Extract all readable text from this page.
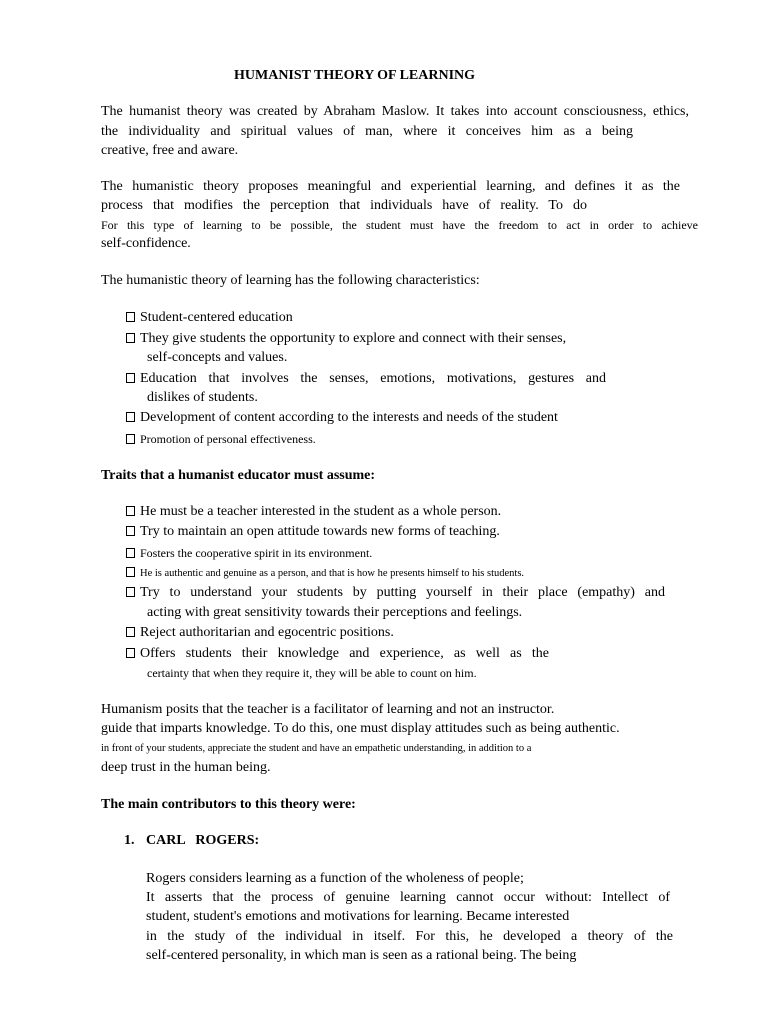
HUMANIST THEORY OF LEARNING
The humanist theory was created by Abraham Maslow. It takes into account consciousness, ethics,
the individuality and spiritual values of man, where it conceives him as a being
creative, free and aware.
The humanistic theory proposes meaningful and experiential learning, and defines it as the
process that modifies the perception that individuals have of reality. To do
For this type of learning to be possible, the student must have the freedom to act in order to achieve
self-confidence.
The humanistic theory of learning has the following characteristics:
Student-centered education
They give students the opportunity to explore and connect with their senses,
self-concepts and values.
Education that involves the senses, emotions, motivations, gestures and
dislikes of students.
Development of content according to the interests and needs of the student
Promotion of personal effectiveness.
Traits that a humanist educator must assume:
He must be a teacher interested in the student as a whole person.
Try to maintain an open attitude towards new forms of teaching.
Fosters the cooperative spirit in its environment.
He is authentic and genuine as a person, and that is how he presents himself to his students.
Try to understand your students by putting yourself in their place (empathy) and
acting with great sensitivity towards their perceptions and feelings.
Reject authoritarian and egocentric positions.
Offers students their knowledge and experience, as well as the
certainty that when they require it, they will be able to count on him.
Humanism posits that the teacher is a facilitator of learning and not an instructor.
guide that imparts knowledge. To do this, one must display attitudes such as being authentic.
in front of your students, appreciate the student and have an empathetic understanding, in addition to a
deep trust in the human being.
The main contributors to this theory were:
1. CARL   ROGERS:
Rogers considers learning as a function of the wholeness of people;
It asserts that the process of genuine learning cannot occur without: Intellect of
student, student's emotions and motivations for learning. Became interested
in the study of the individual in itself. For this, he developed a theory of the
self-centered personality, in which man is seen as a rational being. The being
